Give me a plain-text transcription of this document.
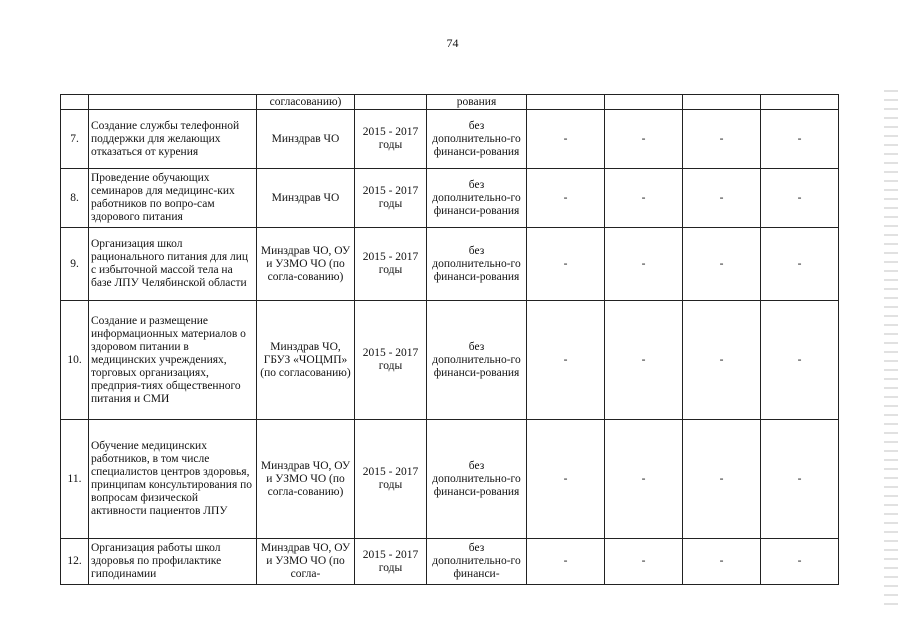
74
		согласованию)		рования				
7.	Создание службы телефонной поддержки для желающих отказаться от курения	Минздрав ЧО	2015 - 2017 годы	без дополнительно-го финанси-рования	-	-	-	-
8.	Проведение обучающих семинаров для медицинс-ких работников по вопро-сам здорового питания	Минздрав ЧО	2015 - 2017 годы	без дополнительно-го финанси-рования	-	-	-	-
9.	Организация школ рационального питания для лиц с избыточной массой тела на базе ЛПУ Челябинской области	Минздрав ЧО, ОУ и УЗМО ЧО (по согла-сованию)	2015 - 2017 годы	без дополнительно-го финанси-рования	-	-	-	-
10.	Создание и размещение информационных материалов о здоровом питании в медицинских учреждениях, торговых организациях, предприя-тиях общественного питания и СМИ	Минздрав ЧО, ГБУЗ «ЧОЦМП» (по согласованию)	2015 - 2017 годы	без дополнительно-го финанси-рования	-	-	-	-
11.	Обучение медицинских работников, в том числе специалистов центров здоровья, принципам консультирования по вопросам физической активности пациентов ЛПУ	Минздрав ЧО, ОУ и УЗМО ЧО (по согла-сованию)	2015 - 2017 годы	без дополнительно-го финанси-рования	-	-	-	-
12.	Организация работы школ здоровья по профилактике гиподинамии	Минздрав ЧО, ОУ и УЗМО ЧО (по согла-	2015 - 2017 годы	без дополнительно-го финанси-	-	-	-	-
